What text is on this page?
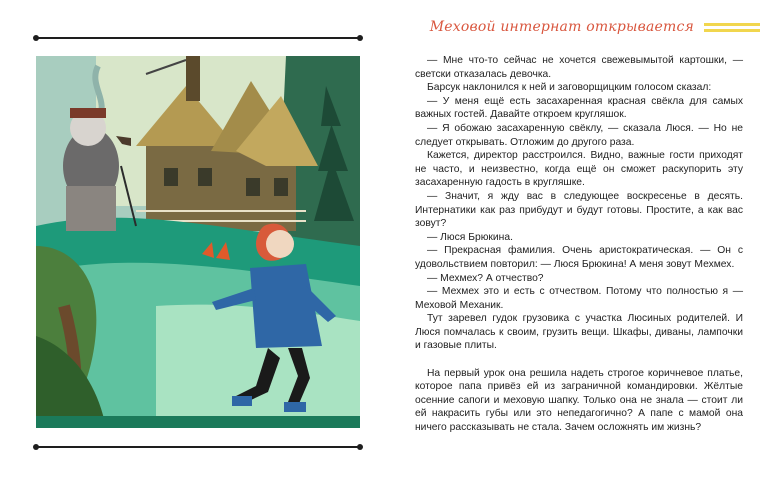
Меховой интернат открывается

— Мне что-то сейчас не хочется свежевымытой картошки, — светски отказалась девочка.

Барсук наклонился к ней и заговорщицким голосом сказал:

— У меня ещё есть засахаренная красная свёкла для самых важных гостей. Давайте откроем кругляшок.

— Я обожаю засахаренную свёклу, — сказала Люся. — Но не следует открывать. Отложим до другого раза.

Кажется, директор расстроился. Видно, важные гости приходят не часто, и неизвестно, когда ещё он сможет раскупорить эту засахаренную гадость в кругляшке.

— Значит, я жду вас в следующее воскресенье в десять. Интернатики как раз прибудут и будут готовы. Простите, а как вас зовут?

— Люся Брюкина.

— Прекрасная фамилия. Очень аристократическая. — Он с удовольствием повторил: — Люся Брюкина! А меня зовут Мехмех.

— Мехмех? А отчество?

— Мехмех это и есть с отчеством. Потому что полностью я — Меховой Механик.

Тут заревел гудок грузовика с участка Люсиных родителей. И Люся помчалась к своим, грузить вещи. Шкафы, диваны, лампочки и газовые плиты.

На первый урок она решила надеть строгое коричневое платье, которое папа привёз ей из заграничной командировки. Жёлтые осенние сапоги и меховую шапку. Только она не знала — стоит ли ей накрасить губы или это непедагогично? А папе с мамой она ничего рассказывать не стала. Зачем осложнять им жизнь?
